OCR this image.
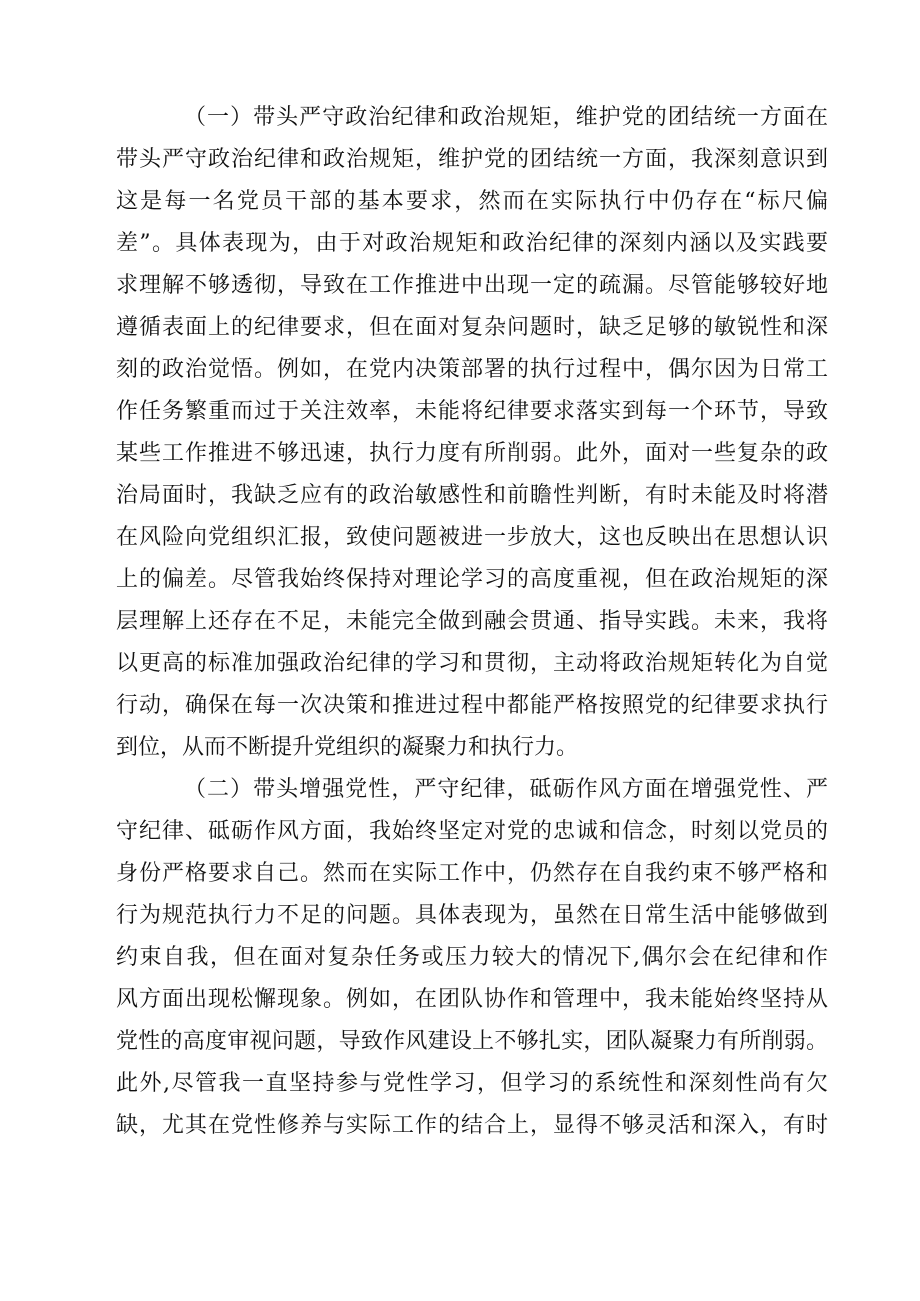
（一）带头严守政治纪律和政治规矩，维护党的团结统一方面在

带头严守政治纪律和政治规矩，维护党的团结统一方面，我深刻意识到

这是每一名党员干部的基本要求，然而在实际执行中仍存在“标尺偏

差”。具体表现为，由于对政治规矩和政治纪律的深刻内涵以及实践要

求理解不够透彻，导致在工作推进中出现一定的疏漏。尽管能够较好地

遵循表面上的纪律要求，但在面对复杂问题时，缺乏足够的敏锐性和深

刻的政治觉悟。例如，在党内决策部署的执行过程中，偶尔因为日常工

作任务繁重而过于关注效率，未能将纪律要求落实到每一个环节，导致

某些工作推进不够迅速，执行力度有所削弱。此外，面对一些复杂的政

治局面时，我缺乏应有的政治敏感性和前瞻性判断，有时未能及时将潜

在风险向党组织汇报，致使问题被进一步放大，这也反映出在思想认识

上的偏差。尽管我始终保持对理论学习的高度重视，但在政治规矩的深

层理解上还存在不足，未能完全做到融会贯通、指导实践。未来，我将

以更高的标准加强政治纪律的学习和贯彻，主动将政治规矩转化为自觉

行动，确保在每一次决策和推进过程中都能严格按照党的纪律要求执行

到位，从而不断提升党组织的凝聚力和执行力。

（二）带头增强党性，严守纪律，砥砺作风方面在增强党性、严

守纪律、砥砺作风方面，我始终坚定对党的忠诚和信念，时刻以党员的

身份严格要求自己。然而在实际工作中，仍然存在自我约束不够严格和

行为规范执行力不足的问题。具体表现为，虽然在日常生活中能够做到

约束自我，但在面对复杂任务或压力较大的情况下,偶尔会在纪律和作

风方面出现松懈现象。例如，在团队协作和管理中，我未能始终坚持从

党性的高度审视问题，导致作风建设上不够扎实，团队凝聚力有所削弱。

此外,尽管我一直坚持参与党性学习，但学习的系统性和深刻性尚有欠

缺，尤其在党性修养与实际工作的结合上，显得不够灵活和深入，有时
